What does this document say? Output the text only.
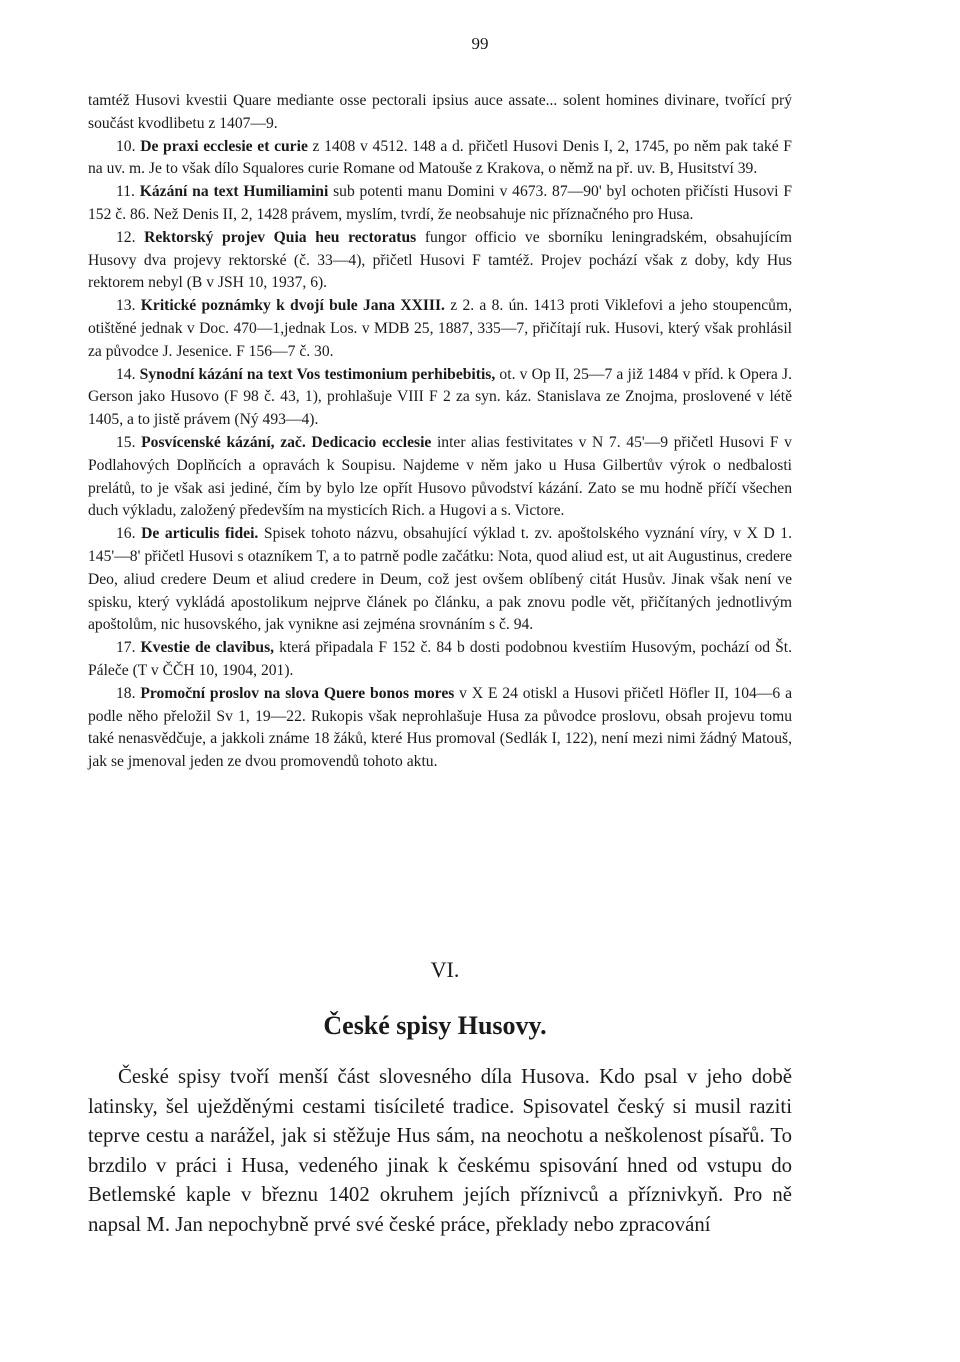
99

tamtéž Husovi kvestii Quare mediante osse pectorali ipsius auce assate... solent homines divinare, tvořící prý součást kvodlibetu z 1407—9.

10. De praxi ecclesie et curie z 1408 v 4512. 148 a d. přičetl Husovi Denis I, 2, 1745, po něm pak také F na uv. m. Je to však dílo Squalores curie Romane od Matouše z Krakova, o němž na př. uv. B, Husitství 39.

11. Kázání na text Humiliamini sub potenti manu Domini v 4673. 87—90' byl ochoten přičísti Husovi F 152 č. 86. Než Denis II, 2, 1428 právem, myslím, tvrdí, že neobsahuje nic příznačného pro Husa.

12. Rektorský projev Quia heu rectoratus fungor officio ve sborníku leningradském, obsahujícím Husovy dva projevy rektorské (č. 33—4), přičetl Husovi F tamtéž. Projev pochází však z doby, kdy Hus rektorem nebyl (B v JSH 10, 1937, 6).

13. Kritické poznámky k dvojí bule Jana XXIII. z 2. a 8. ún. 1413 proti Viklefovi a jeho stoupencům, otištěné jednak v Doc. 470—1,jednak Los. v MDB 25, 1887, 335—7, přičítají ruk. Husovi, který však prohlásil za původce J. Jesenice. F 156—7 č. 30.

14. Synodní kázání na text Vos testimonium perhibebitis, ot. v Op II, 25—7 a již 1484 v příd. k Opera J. Gerson jako Husovo (F 98 č. 43, 1), prohlašuje VIII F 2 za syn. káz. Stanislava ze Znojma, proslovené v létě 1405, a to jistě právem (Ný 493—4).

15. Posvícenské kázání, zač. Dedicacio ecclesie inter alias festivitates v N 7. 45'—9 přičetl Husovi F v Podlahových Doplňcích a opravách k Soupisu. Najdeme v něm jako u Husa Gilbertův výrok o nedbalosti prelátů, to je však asi jediné, čím by bylo lze opřít Husovo původství kázání. Zato se mu hodně příčí všechen duch výkladu, založený především na mysticích Rich. a Hugovi a s. Victore.

16. De articulis fidei. Spisek tohoto názvu, obsahující výklad t. zv. apoštolského vyznání víry, v X D 1. 145'—8' přičetl Husovi s otazníkem T, a to patrně podle začátku: Nota, quod aliud est, ut ait Augustinus, credere Deo, aliud credere Deum et aliud credere in Deum, což jest ovšem oblíbený citát Husův. Jinak však není ve spisku, který vykládá apostolikum nejprve článek po článku, a pak znovu podle vět, přičítaných jednotlivým apoštolům, nic husovského, jak vynikne asi zejména srovnáním s č. 94.

17. Kvestie de clavibus, která připadala F 152 č. 84 b dosti podobnou kvestiím Husovým, pochází od Št. Páleče (T v ČČH 10, 1904, 201).

18. Promoční proslov na slova Quere bonos mores v X E 24 otiskl a Husovi přičetl Höfler II, 104—6 a podle něho přeložil Sv 1, 19—22. Rukopis však neprohlašuje Husa za původce proslovu, obsah projevu tomu také nenasvědčuje, a jakkoli známe 18 žáků, které Hus promoval (Sedlák I, 122), není mezi nimi žádný Matouš, jak se jmenoval jeden ze dvou promovendů tohoto aktu.

VI.
České spisy Husovy.

České spisy tvoří menší část slovesného díla Husova. Kdo psal v jeho době latinsky, šel uježděnými cestami tisícileté tradice. Spisovatel český si musil raziti teprve cestu a narážel, jak si stěžuje Hus sám, na neochotu a neškolenost písařů. To brzdilo v práci i Husa, vedeného jinak k českému spisování hned od vstupu do Betlemské kaple v březnu 1402 okruhem jejích příznivců a příznivkyň. Pro ně napsal M. Jan nepochybně prvé své české práce, překlady nebo zpracování
